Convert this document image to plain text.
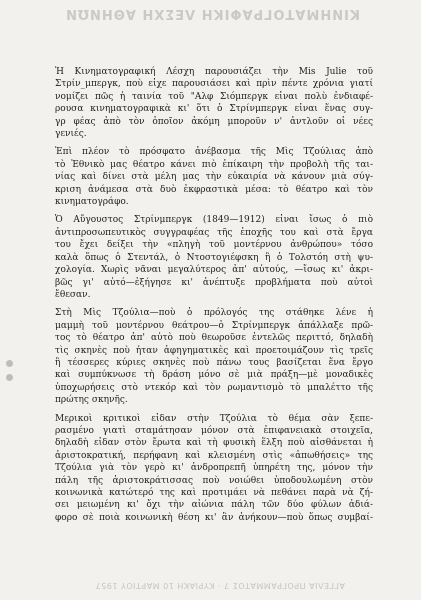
ΚΙΝΗΜΑΤΟΓΡΑΦΙΚΗ ΛΕΣΧΗ ΑΘΗΝΩΝ

Ἡ Κινηματογραφική Λέσχη παρουσιάζει τὴν Mis Julie τοῦ
Στρίν_μπεργκ, ποὺ εἶχε παρουσιάσει καὶ πρὶν πέντε χρόνια γιατί
νομίζει πῶς ἡ ταινία τοῦ "Αλφ Σιόμπεργκ εἶναι πολὺ ἐνδιαφέ-
ρουσα κινηματογραφικὰ κι' ὅτι ὁ Στρίνμπεργκ εἶναι ἕνας συγ-
γρ φέας ἀπὸ τὸν ὁποῖον ἀκόμη μποροῦν ν' ἀντλοῦν οἱ νέες
γενιές.

Ἐπὶ πλέον τὸ πρόσφατο ἀνέβασμα τῆς Μὶς Τζούλιας ἀπὸ
τὸ Ἐθνικὸ μας θέατρο κάνει πιὸ ἐπίκαιρη τὴν προβολὴ τῆς ται-
νίας καὶ δίνει στὰ μέλη μας τὴν εὐκαιρία νὰ κάνουν μιὰ σύγ-
κριση ἀνάμεσα στὰ δυὸ ἐκφραστικὰ μέσα: τὸ θέατρο καὶ τὸν
κινηματογράφο.

Ὁ Αὔγουστος Στρίνμπεργκ (1849—1912) εἶναι ἴσως ὁ πιὸ
ἀντιπροσωπευτικὸς συγγραφέας τῆς ἐποχῆς του καὶ στὰ ἔργα
του ἔχει δείξει τὴν «πληγὴ τοῦ μοντέρνου ἀνθρώπου» τόσο
καλὰ ὅπως ὁ Στεντάλ, ὁ Ντοστογιέφσκη ἢ ὁ Τολστόη στὴ ψυ-
χολογία. Χωρὶς νᾶναι μεγαλύτερος ἀπ' αὐτούς, —ἴσως κι' ἀκρι-
βῶς γι' αὐτό—ἐξήγησε κι' ἀνέπτυξε προβλήματα ποὺ αὐτοὶ
ἔθεσαν.

Στὴ Μὶς Τζούλια—ποὺ ὁ πρόλογός της στάθηκε λένε ἡ
μαμμὴ τοῦ μοντέρνου θεάτρου—ὁ Στρίνμπεργκ ἀπάλλαξε πρῶ-
τος τὸ θέατρο ἀπ' αὐτὸ ποὺ θεωροῦσε ἐντελῶς περιττό, δηλαδὴ
τὶς σκηνὲς ποὺ ἦταν ἀφηγηματικὲς καὶ προετοιμάζουν τὶς τρεῖς
ἢ τέσσερες κύριες σκηνὲς ποὺ πάνω τους βασίζεται ἕνα ἔργο
καὶ συμπύκνωσε τὴ δράση μόνο σὲ μιὰ πράξη—μὲ μοναδικὲς
ὑποχωρήσεις στὸ ντεκόρ καὶ τὸν ρωμαντισμὸ τὸ μπαλέττο τῆς
πρώτης σκηνῆς.

Μερικοὶ κριτικοὶ εἶδαν στὴν Τζούλια τὸ θέμα σὰν ξεπε-
ρασμένο γιατὶ σταμάτησαν μόνον στὰ ἐπιφανειακὰ στοιχεῖα,
δηλαδὴ εἶδαν στὸν ἔρωτα καὶ τὴ φυσικὴ ἕλξη ποὺ αἰσθάνεται ἡ
ἀριστοκρατική, περήφανη καὶ κλεισμένη στὶς «ἀπωθήσεις» της
Τζούλια γιὰ τὸν γερὸ κι' ἀνδροπρεπῆ ὑπηρέτη της, μόνον τὴν
πάλη τῆς ἀριστοκράτισσας ποὺ νοιώθει ὑποδουλωμένη στὸν
κοινωνικὰ κατώτερό της καὶ προτιμάει νὰ πεθάνει παρὰ νὰ ζή-
σει μειωμένη κι' ὄχι τὴν αἰώνια πάλη τῶν δύο φύλων ἀδιά-
φορο σὲ ποιὰ κοινωνικὴ θέση κι' ἂν ἀνήκουν—ποὺ ὅπως συμβαί-

ΑΓΓΕΛΙΑ ΠΡΟΓΡΑΜΜΑΤΟΣ 7 · ΚΥΡΙΑΚΗ 10 ΜΑΡΤΙΟΥ 1957
